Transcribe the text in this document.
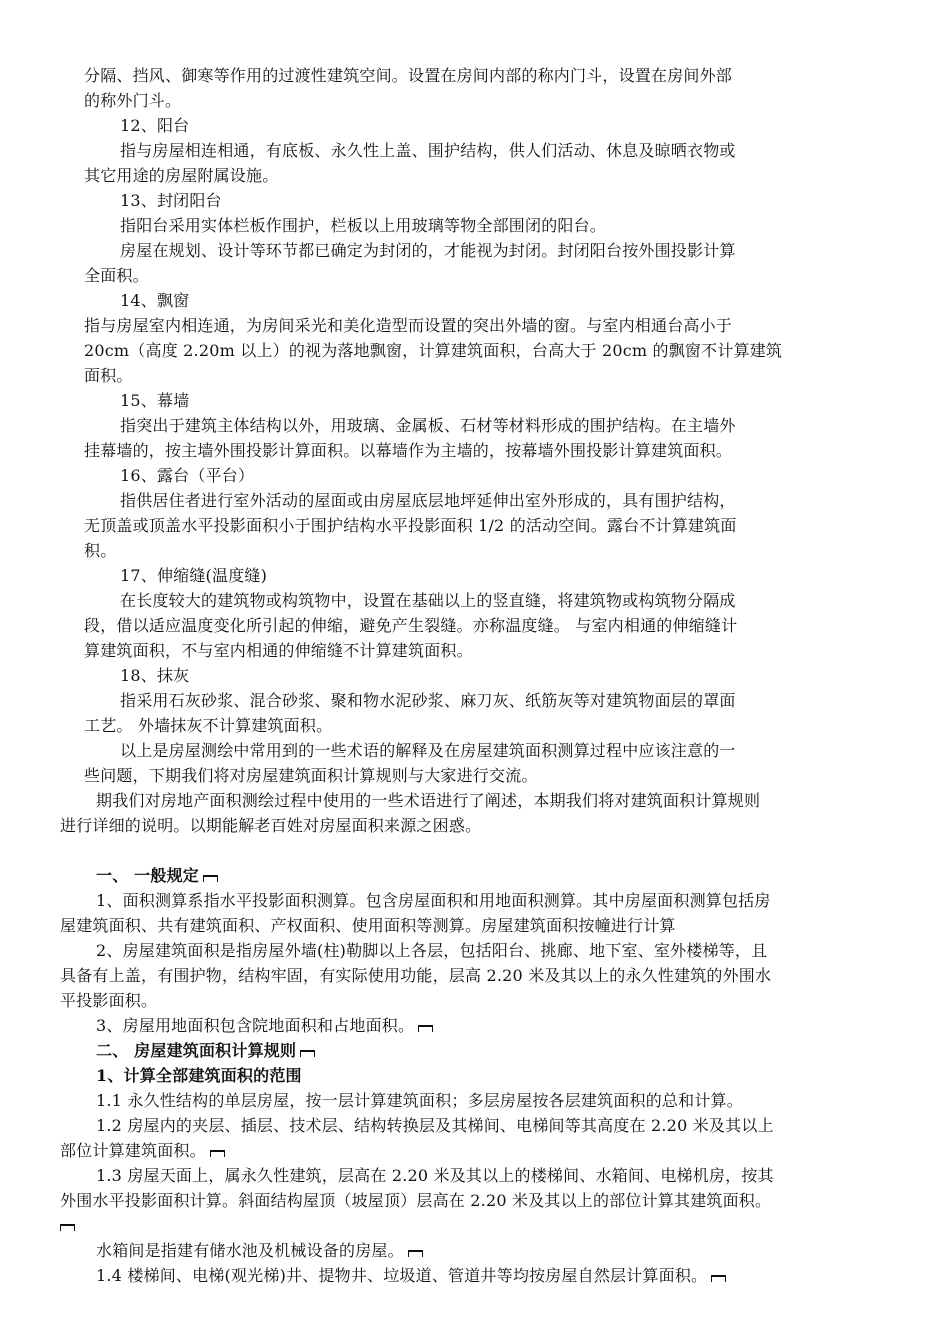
分隔、挡风、御寒等作用的过渡性建筑空间。设置在房间内部的称内门斗，设置在房间外部
的称外门斗。
12、阳台
指与房屋相连相通，有底板、永久性上盖、围护结构，供人们活动、休息及晾晒衣物或
其它用途的房屋附属设施。
13、封闭阳台
指阳台采用实体栏板作围护，栏板以上用玻璃等物全部围闭的阳台。
房屋在规划、设计等环节都已确定为封闭的，才能视为封闭。封闭阳台按外围投影计算
全面积。
14、飘窗
指与房屋室内相连通，为房间采光和美化造型而设置的突出外墙的窗。与室内相通台高小于
20cm（高度 2.20m 以上）的视为落地飘窗，计算建筑面积，台高大于 20cm 的飘窗不计算建筑
面积。
15、幕墙
指突出于建筑主体结构以外，用玻璃、金属板、石材等材料形成的围护结构。在主墙外
挂幕墙的，按主墙外围投影计算面积。以幕墙作为主墙的，按幕墙外围投影计算建筑面积。
16、露台（平台）
指供居住者进行室外活动的屋面或由房屋底层地坪延伸出室外形成的，具有围护结构，
无顶盖或顶盖水平投影面积小于围护结构水平投影面积 1/2 的活动空间。露台不计算建筑面
积。
17、伸缩缝(温度缝)
在长度较大的建筑物或构筑物中，设置在基础以上的竖直缝，将建筑物或构筑物分隔成
段，借以适应温度变化所引起的伸缩，避免产生裂缝。亦称温度缝。 与室内相通的伸缩缝计
算建筑面积，不与室内相通的伸缩缝不计算建筑面积。
18、抹灰
指采用石灰砂浆、混合砂浆、聚和物水泥砂浆、麻刀灰、纸筋灰等对建筑物面层的罩面
工艺。 外墙抹灰不计算建筑面积。
以上是房屋测绘中常用到的一些术语的解释及在房屋建筑面积测算过程中应该注意的一
些问题，下期我们将对房屋建筑面积计算规则与大家进行交流。
期我们对房地产面积测绘过程中使用的一些术语进行了阐述，本期我们将对建筑面积计算规则
进行详细的说明。以期能解老百姓对房屋面积来源之困惑。
一、 一般规定
1、面积测算系指水平投影面积测算。包含房屋面积和用地面积测算。其中房屋面积测算包括房
屋建筑面积、共有建筑面积、产权面积、使用面积等测算。房屋建筑面积按幢进行计算
2、房屋建筑面积是指房屋外墙(柱)勒脚以上各层，包括阳台、挑廊、地下室、室外楼梯等，且
具备有上盖，有围护物，结构牢固，有实际使用功能，层高 2.20 米及其以上的永久性建筑的外围水
平投影面积。
3、房屋用地面积包含院地面积和占地面积。
二、 房屋建筑面积计算规则
1、计算全部建筑面积的范围
1.1 永久性结构的单层房屋，按一层计算建筑面积；多层房屋按各层建筑面积的总和计算。
1.2 房屋内的夹层、插层、技术层、结构转换层及其梯间、电梯间等其高度在 2.20 米及其以上
部位计算建筑面积。
1.3 房屋天面上，属永久性建筑，层高在 2.20 米及其以上的楼梯间、水箱间、电梯机房，按其
外围水平投影面积计算。斜面结构屋顶（坡屋顶）层高在 2.20 米及其以上的部位计算其建筑面积。
水箱间是指建有储水池及机械设备的房屋。
1.4 楼梯间、电梯(观光梯)井、提物井、垃圾道、管道井等均按房屋自然层计算面积。
